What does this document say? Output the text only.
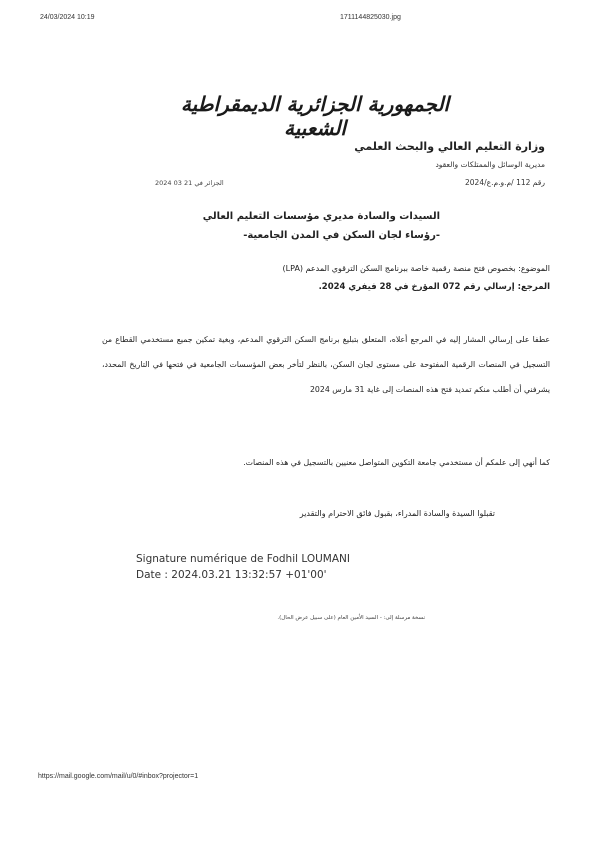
24/03/2024 10:19	1711144825030.jpg
الجمهورية الجزائرية الديمقراطية الشعبية
وزارة التعليم العالي والبحث العلمي
مديرية الوسائل والممتلكات والعقود
رقم 112 /م.و.م.ع/2024
الجزائر في 21 03 2024
السيدات والسادة مديري مؤسسات التعليم العالي
-رؤساء لجان السكن في المدن الجامعية-
الموضوع: بخصوص فتح منصة رقمية خاصة ببرنامج السكن الترقوي المدعم (LPA)
المرجع: إرسالي رقم 072 المؤرخ في 28 فيفري 2024.
عطفا على إرسالي المشار إليه في المرجع أعلاه، المتعلق بتبليغ برنامج السكن الترقوي المدعم، وبغية تمكين جميع مستخدمي القطاع من التسجيل في المنصات الرقمية المفتوحة على مستوى لجان السكن، بالنظر لتأخر بعض المؤسسات الجامعية في فتحها في التاريخ المحدد، يشرفني أن أطلب منكم تمديد فتح هذه المنصات إلى غاية 31 مارس 2024
كما أنهي إلى علمكم أن مستخدمي جامعة التكوين المتواصل معنيين بالتسجيل في هذه المنصات.
تقبلوا السيدة والسادة المدراء، بقبول فائق الاحترام والتقدير
Signature numérique de Fodhil LOUMANI
Date : 2024.03.21 13:32:57 +01'00'
نسخة مرسلة إلى: - السيد الأمين العام (على سبيل عرض الحال).
https://mail.google.com/mail/u/0/#inbox?projector=1
